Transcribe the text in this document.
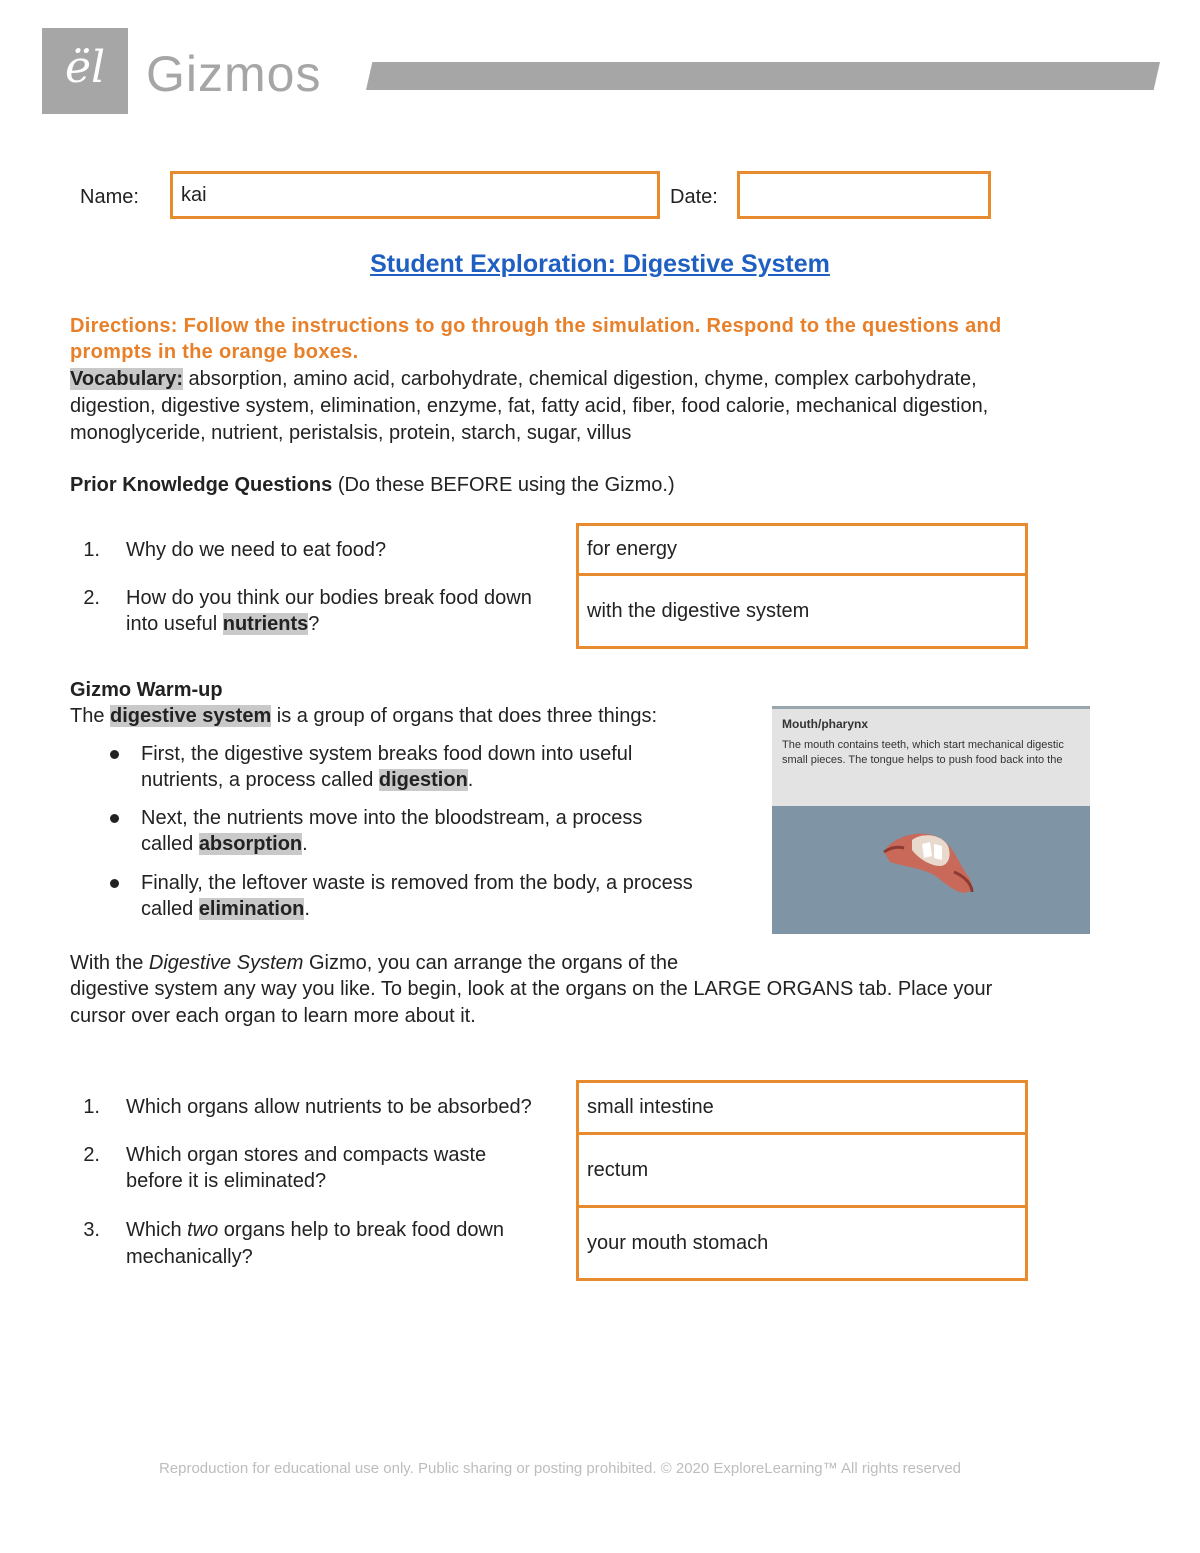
ël Gizmos
Name:	kai	Date:
Student Exploration: Digestive System
Directions: Follow the instructions to go through the simulation. Respond to the questions and
prompts in the orange boxes.
Vocabulary: absorption, amino acid, carbohydrate, chemical digestion, chyme, complex carbohydrate,
digestion, digestive system, elimination, enzyme, fat, fatty acid, fiber, food calorie, mechanical digestion,
monoglyceride, nutrient, peristalsis, protein, starch, sugar, villus
Prior Knowledge Questions (Do these BEFORE using the Gizmo.)
1. Why do we need to eat food?
2. How do you think our bodies break food down
into useful nutrients?
for energy
with the digestive system
Gizmo Warm-up
The digestive system is a group of organs that does three things:
First, the digestive system breaks food down into useful
nutrients, a process called digestion.
Next, the nutrients move into the bloodstream, a process
called absorption.
Finally, the leftover waste is removed from the body, a process
called elimination.
Mouth/pharynx
The mouth contains teeth, which start mechanical digestic
small pieces. The tongue helps to push food back into the
With the Digestive System Gizmo, you can arrange the organs of the
digestive system any way you like. To begin, look at the organs on the LARGE ORGANS tab. Place your
cursor over each organ to learn more about it.
1. Which organs allow nutrients to be absorbed?
2. Which organ stores and compacts waste
before it is eliminated?
3. Which two organs help to break food down
mechanically?
small intestine
rectum
your mouth stomach
Reproduction for educational use only. Public sharing or posting prohibited. © 2020 ExploreLearning™ All rights reserved
